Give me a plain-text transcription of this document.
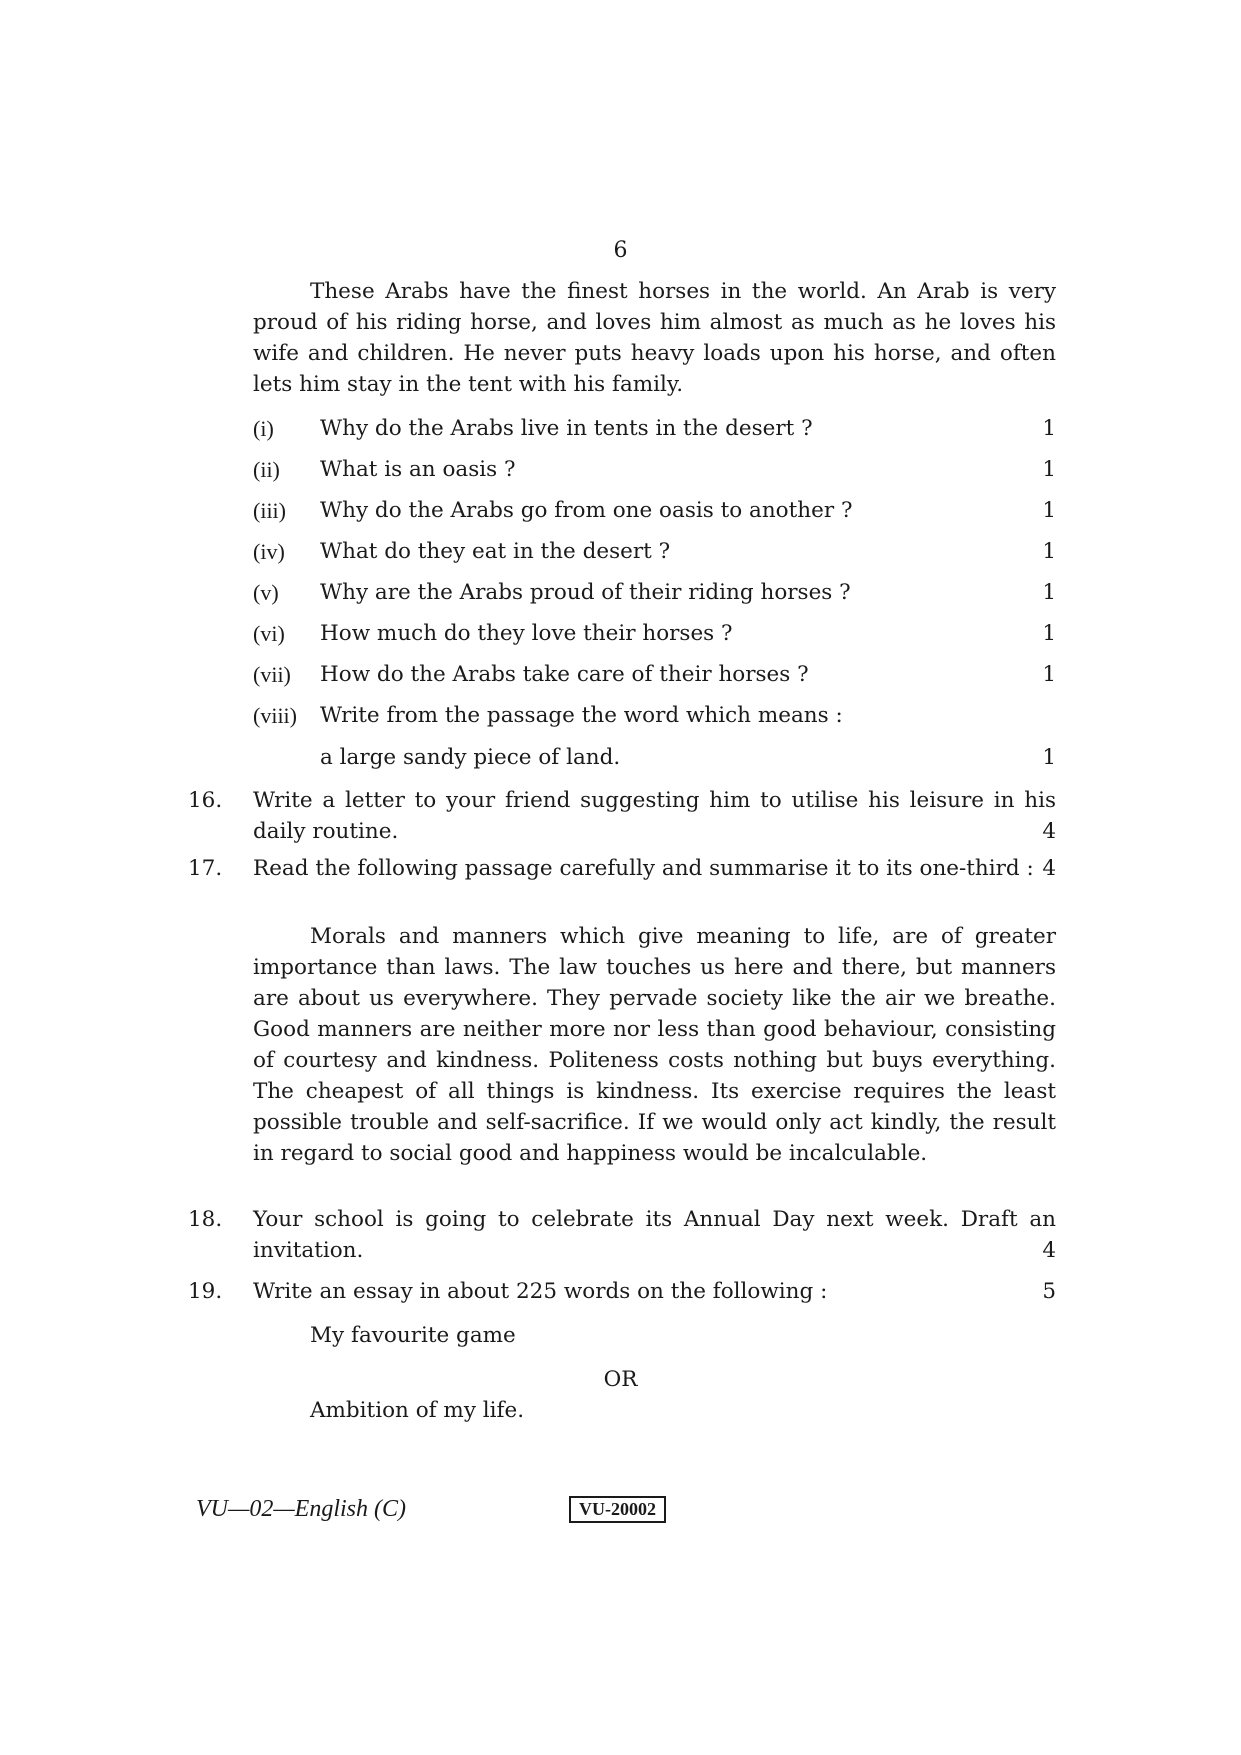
6
These Arabs have the finest horses in the world. An Arab is very proud of his riding horse, and loves him almost as much as he loves his wife and children. He never puts heavy loads upon his horse, and often lets him stay in the tent with his family.
(i) Why do the Arabs live in tents in the desert ?	1
(ii) What is an oasis ?	1
(iii) Why do the Arabs go from one oasis to another ?	1
(iv) What do they eat in the desert ?	1
(v) Why are the Arabs proud of their riding horses ?	1
(vi) How much do they love their horses ?	1
(vii) How do the Arabs take care of their horses ?	1
(viii) Write from the passage the word which means :
a large sandy piece of land.	1
16. Write a letter to your friend suggesting him to utilise his leisure in his daily routine.	4
17. Read the following passage carefully and summarise it to its one-third : 4
Morals and manners which give meaning to life, are of greater importance than laws. The law touches us here and there, but manners are about us everywhere. They pervade society like the air we breathe. Good manners are neither more nor less than good behaviour, consisting of courtesy and kindness. Politeness costs nothing but buys everything. The cheapest of all things is kindness. Its exercise requires the least possible trouble and self-sacrifice. If we would only act kindly, the result in regard to social good and happiness would be incalculable.
18. Your school is going to celebrate its Annual Day next week. Draft an invitation.	4
19. Write an essay in about 225 words on the following :	5
My favourite game
OR
Ambition of my life.
VU—02—English (C)	VU-20002
